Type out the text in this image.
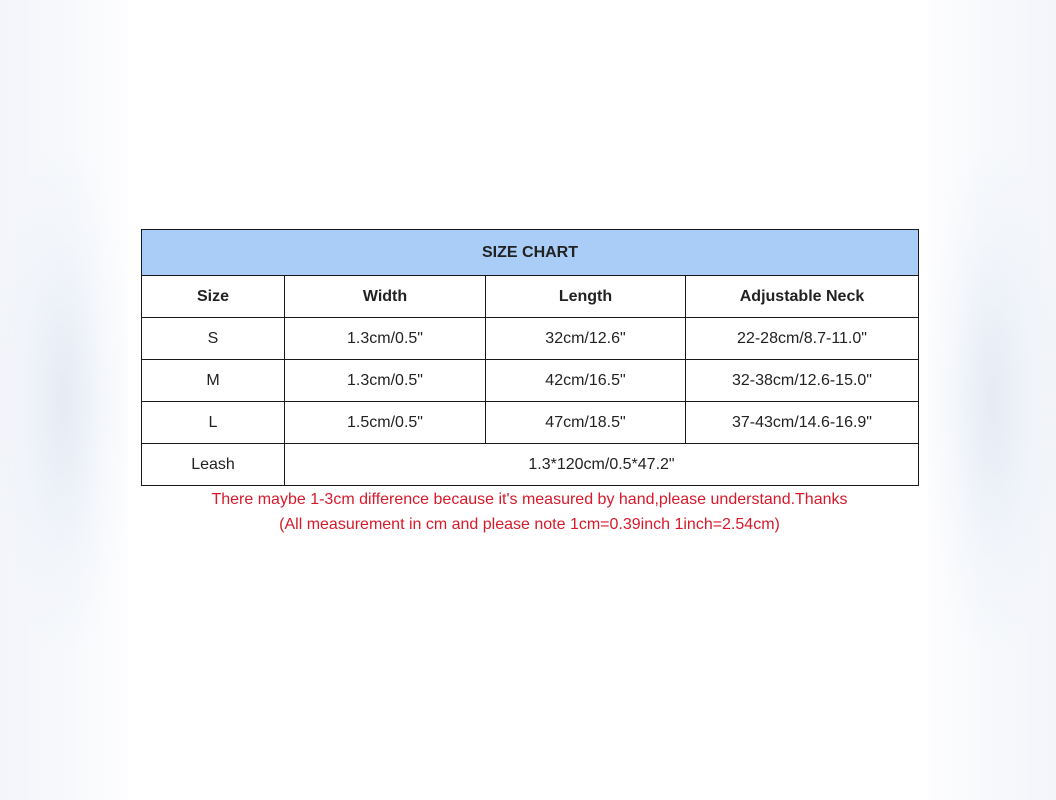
SIZE CHART			
Size	Width	Length	Adjustable Neck
S	1.3cm/0.5"	32cm/12.6"	22-28cm/8.7-11.0"
M	1.3cm/0.5"	42cm/16.5"	32-38cm/12.6-15.0"
L	1.5cm/0.5"	47cm/18.5"	37-43cm/14.6-16.9"
Leash	1.3*120cm/0.5*47.2"		
There maybe 1-3cm difference because it's measured by hand,please understand.Thanks
(All measurement in cm and please note 1cm=0.39inch 1inch=2.54cm)
